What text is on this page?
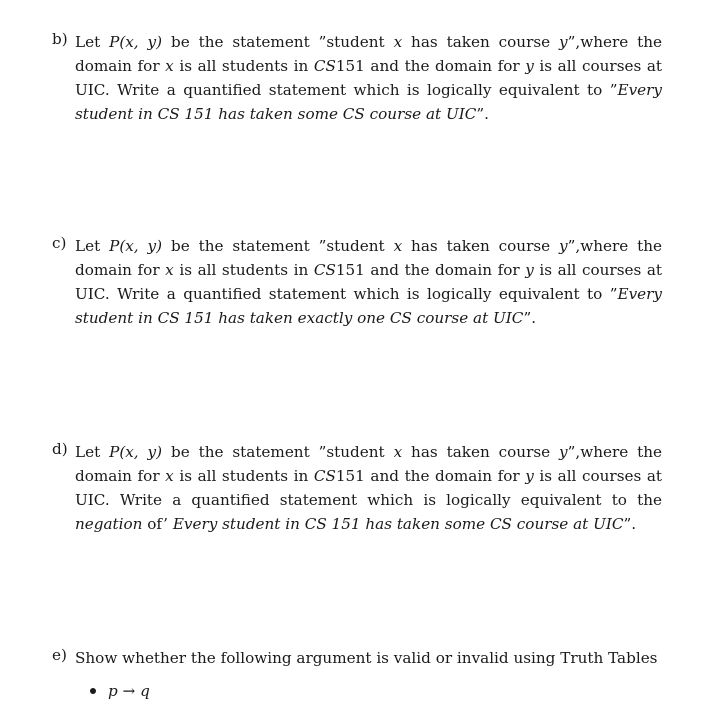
b) Let P(x, y) be the statement ”student x has taken course y”,where the domain for x is all students in CS151 and the domain for y is all courses at UIC. Write a quantified statement which is logically equivalent to ”Every student in CS 151 has taken some CS course at UIC”.
c) Let P(x, y) be the statement ”student x has taken course y”,where the domain for x is all students in CS151 and the domain for y is all courses at UIC. Write a quantified statement which is logically equivalent to ”Every student in CS 151 has taken exactly one CS course at UIC”.
d) Let P(x, y) be the statement ”student x has taken course y”,where the domain for x is all students in CS151 and the domain for y is all courses at UIC. Write a quantified statement which is logically equivalent to the negation of’ Every student in CS 151 has taken some CS course at UIC”.
e) Show whether the following argument is valid or invalid using Truth Tables
p → q
